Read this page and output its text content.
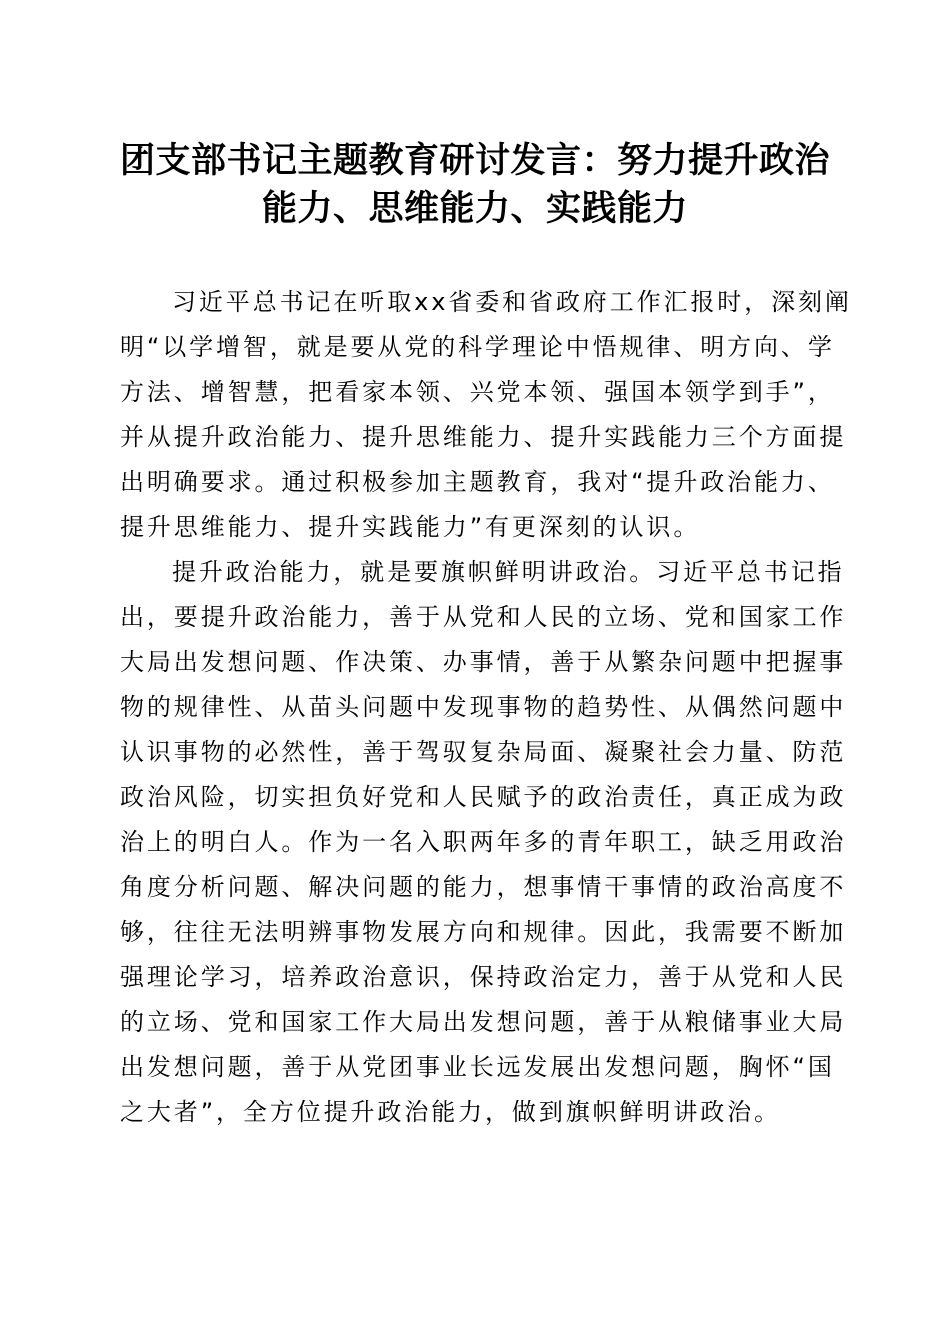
团支部书记主题教育研讨发言：努力提升政治
能力、思维能力、实践能力

习近平总书记在听取xx省委和省政府工作汇报时，深刻阐
明“以学增智，就是要从党的科学理论中悟规律、明方向、学
方法、增智慧，把看家本领、兴党本领、强国本领学到手”，
并从提升政治能力、提升思维能力、提升实践能力三个方面提
出明确要求。通过积极参加主题教育，我对“提升政治能力、
提升思维能力、提升实践能力”有更深刻的认识。

提升政治能力，就是要旗帜鲜明讲政治。习近平总书记指
出，要提升政治能力，善于从党和人民的立场、党和国家工作
大局出发想问题、作决策、办事情，善于从繁杂问题中把握事
物的规律性、从苗头问题中发现事物的趋势性、从偶然问题中
认识事物的必然性，善于驾驭复杂局面、凝聚社会力量、防范
政治风险，切实担负好党和人民赋予的政治责任，真正成为政
治上的明白人。作为一名入职两年多的青年职工，缺乏用政治
角度分析问题、解决问题的能力，想事情干事情的政治高度不
够，往往无法明辨事物发展方向和规律。因此，我需要不断加
强理论学习，培养政治意识，保持政治定力，善于从党和人民
的立场、党和国家工作大局出发想问题，善于从粮储事业大局
出发想问题，善于从党团事业长远发展出发想问题，胸怀“国
之大者”，全方位提升政治能力，做到旗帜鲜明讲政治。
